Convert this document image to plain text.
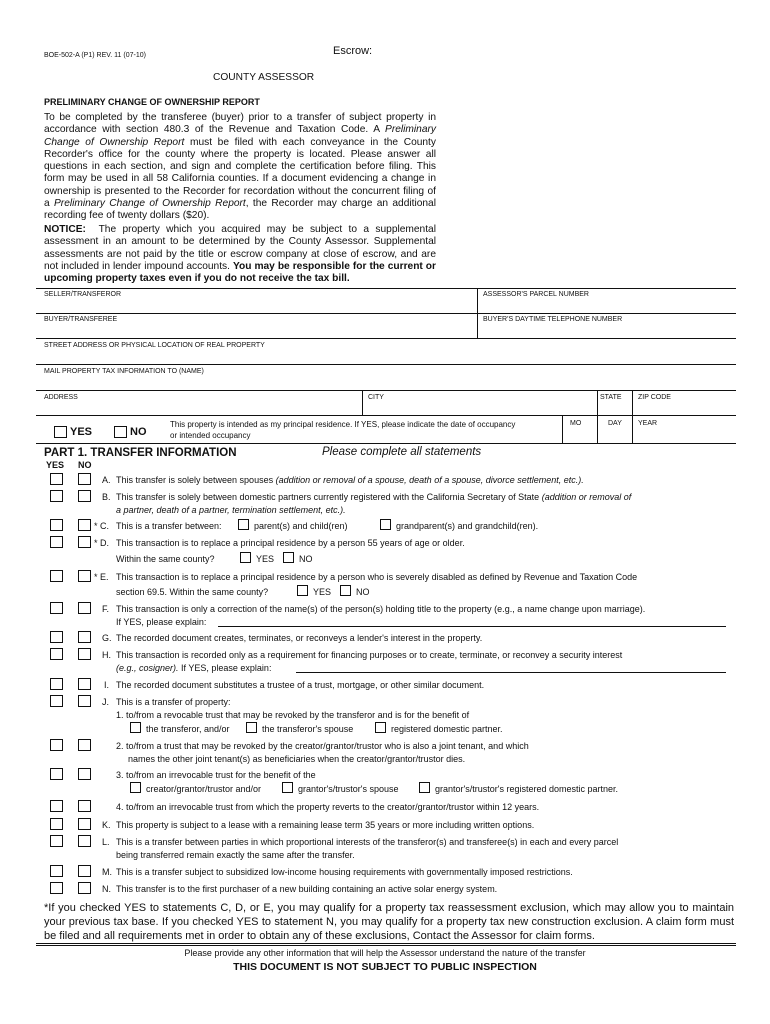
BOE-502-A (P1) REV. 11 (07-10)	Escrow:
COUNTY ASSESSOR
PRELIMINARY CHANGE OF OWNERSHIP REPORT
To be completed by the transferee (buyer) prior to a transfer of subject property in accordance with section 480.3 of the Revenue and Taxation Code. A Preliminary Change of Ownership Report must be filed with each conveyance in the County Recorder's office for the county where the property is located. Please answer all questions in each section, and sign and complete the certification before filing. This form may be used in all 58 California counties. If a document evidencing a change in ownership is presented to the Recorder for recordation without the concurrent filing of a Preliminary Change of Ownership Report, the Recorder may charge an additional recording fee of twenty dollars ($20).
NOTICE: The property which you acquired may be subject to a supplemental assessment in an amount to be determined by the County Assessor. Supplemental assessments are not paid by the title or escrow company at close of escrow, and are not included in lender impound accounts. You may be responsible for the current or upcoming property taxes even if you do not receive the tax bill.
SELLER/TRANSFEROR	ASSESSOR'S PARCEL NUMBER
BUYER/TRANSFEREE	BUYER'S DAYTIME TELEPHONE NUMBER
STREET ADDRESS OR PHYSICAL LOCATION OF REAL PROPERTY
MAIL PROPERTY TAX INFORMATION TO (NAME)
ADDRESS	CITY	STATE ZIP CODE
YES	NO
This property is intended as my principal residence. If YES, please indicate the date of occupancy
or intended occupancy
MO	DAY YEAR
PART 1. TRANSFER INFORMATION	Please complete all statements
YES NO
A. This transfer is solely between spouses (addition or removal of a spouse, death of a spouse, divorce settlement, etc.).
B. This transfer is solely between domestic partners currently registered with the California Secretary of State (addition or removal of
a partner, death of a partner, termination settlement, etc.).
* C. This is a transfer between:	parent(s) and child(ren)	grandparent(s) and grandchild(ren).
* D. This transaction is to replace a principal residence by a person 55 years of age or older.
Within the same county?	YES	NO
* E. This transaction is to replace a principal residence by a person who is severely disabled as defined by Revenue and Taxation Code
section 69.5. Within the same county?	YES	NO
F. This transaction is only a correction of the name(s) of the person(s) holding title to the property (e.g., a name change upon marriage).
If YES, please explain:
G. The recorded document creates, terminates, or reconveys a lender's interest in the property.
H. This transaction is recorded only as a requirement for financing purposes or to create, terminate, or reconvey a security interest
(e.g., cosigner). If YES, please explain:
I. The recorded document substitutes a trustee of a trust, mortgage, or other similar document.
J. This is a transfer of property:
1. to/from a revocable trust that may be revoked by the transferor and is for the benefit of
the transferor, and/or	the transferor's spouse	registered domestic partner.
2. to/from a trust that may be revoked by the creator/grantor/trustor who is also a joint tenant, and which
names the other joint tenant(s) as beneficiaries when the creator/grantor/trustor dies.
3. to/from an irrevocable trust for the benefit of the
creator/grantor/trustor and/or	grantor's/trustor's spouse	grantor's/trustor's registered domestic partner.
4. to/from an irrevocable trust from which the property reverts to the creator/grantor/trustor within 12 years.
K. This property is subject to a lease with a remaining lease term 35 years or more including written options.
L. This is a transfer between parties in which proportional interests of the transferor(s) and transferee(s) in each and every parcel
being transferred remain exactly the same after the transfer.
M. This is a transfer subject to subsidized low-income housing requirements with governmentally imposed restrictions.
N. This transfer is to the first purchaser of a new building containing an active solar energy system.
*If you checked YES to statements C, D, or E, you may qualify for a property tax reassessment exclusion, which may allow you to maintain your previous tax base. If you checked YES to statement N, you may qualify for a property tax new construction exclusion. A claim form must be filed and all requirements met in order to obtain any of these exclusions, Contact the Assessor for claim forms.
Please provide any other information that will help the Assessor understand the nature of the transfer
THIS DOCUMENT IS NOT SUBJECT TO PUBLIC INSPECTION
